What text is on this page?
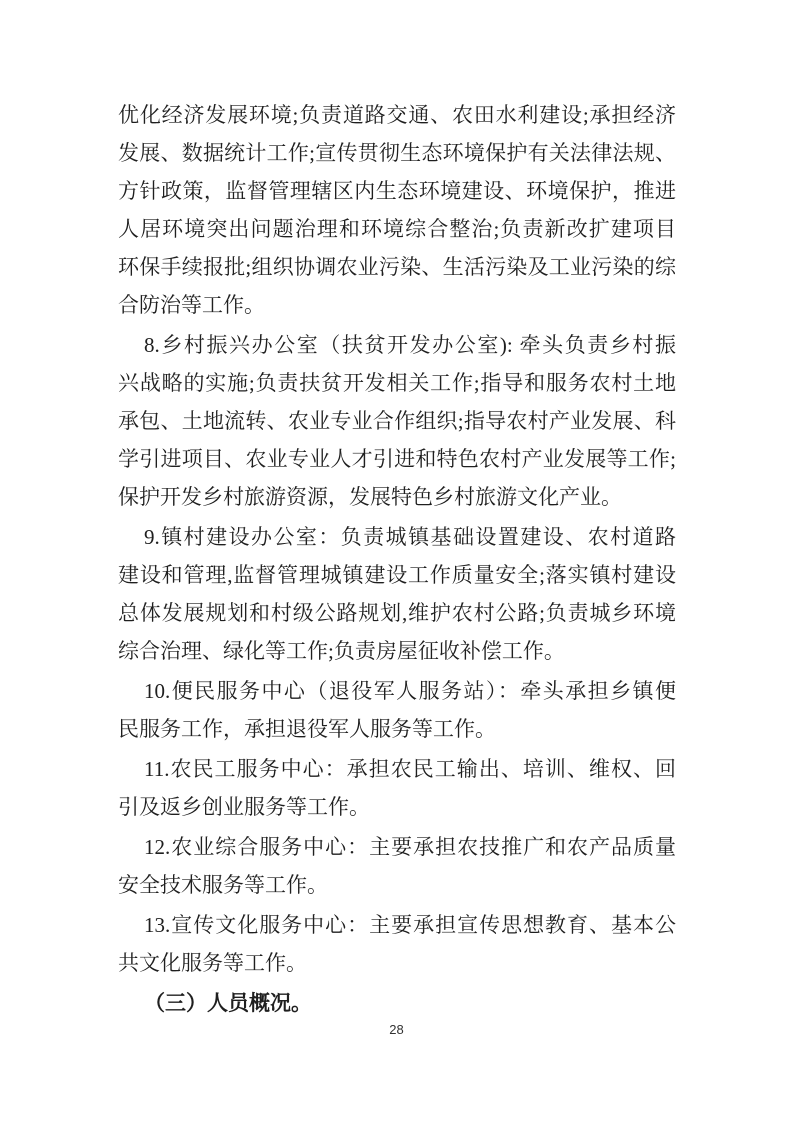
优化经济发展环境;负责道路交通、农田水利建设;承担经济
发展、数据统计工作;宣传贯彻生态环境保护有关法律法规、
方针政策，监督管理辖区内生态环境建设、环境保护，推进
人居环境突出问题治理和环境综合整治;负责新改扩建项目
环保手续报批;组织协调农业污染、生活污染及工业污染的综
合防治等工作。
8.乡村振兴办公室（扶贫开发办公室): 牵头负责乡村振
兴战略的实施;负责扶贫开发相关工作;指导和服务农村土地
承包、土地流转、农业专业合作组织;指导农村产业发展、科
学引进项目、农业专业人才引进和特色农村产业发展等工作;
保护开发乡村旅游资源，发展特色乡村旅游文化产业。
9.镇村建设办公室：负责城镇基础设置建设、农村道路
建设和管理,监督管理城镇建设工作质量安全;落实镇村建设
总体发展规划和村级公路规划,维护农村公路;负责城乡环境
综合治理、绿化等工作;负责房屋征收补偿工作。
10.便民服务中心（退役军人服务站）：牵头承担乡镇便
民服务工作，承担退役军人服务等工作。
11.农民工服务中心：承担农民工输出、培训、维权、回
引及返乡创业服务等工作。
12.农业综合服务中心：主要承担农技推广和农产品质量
安全技术服务等工作。
13.宣传文化服务中心：主要承担宣传思想教育、基本公
共文化服务等工作。
（三）人员概况。
28
